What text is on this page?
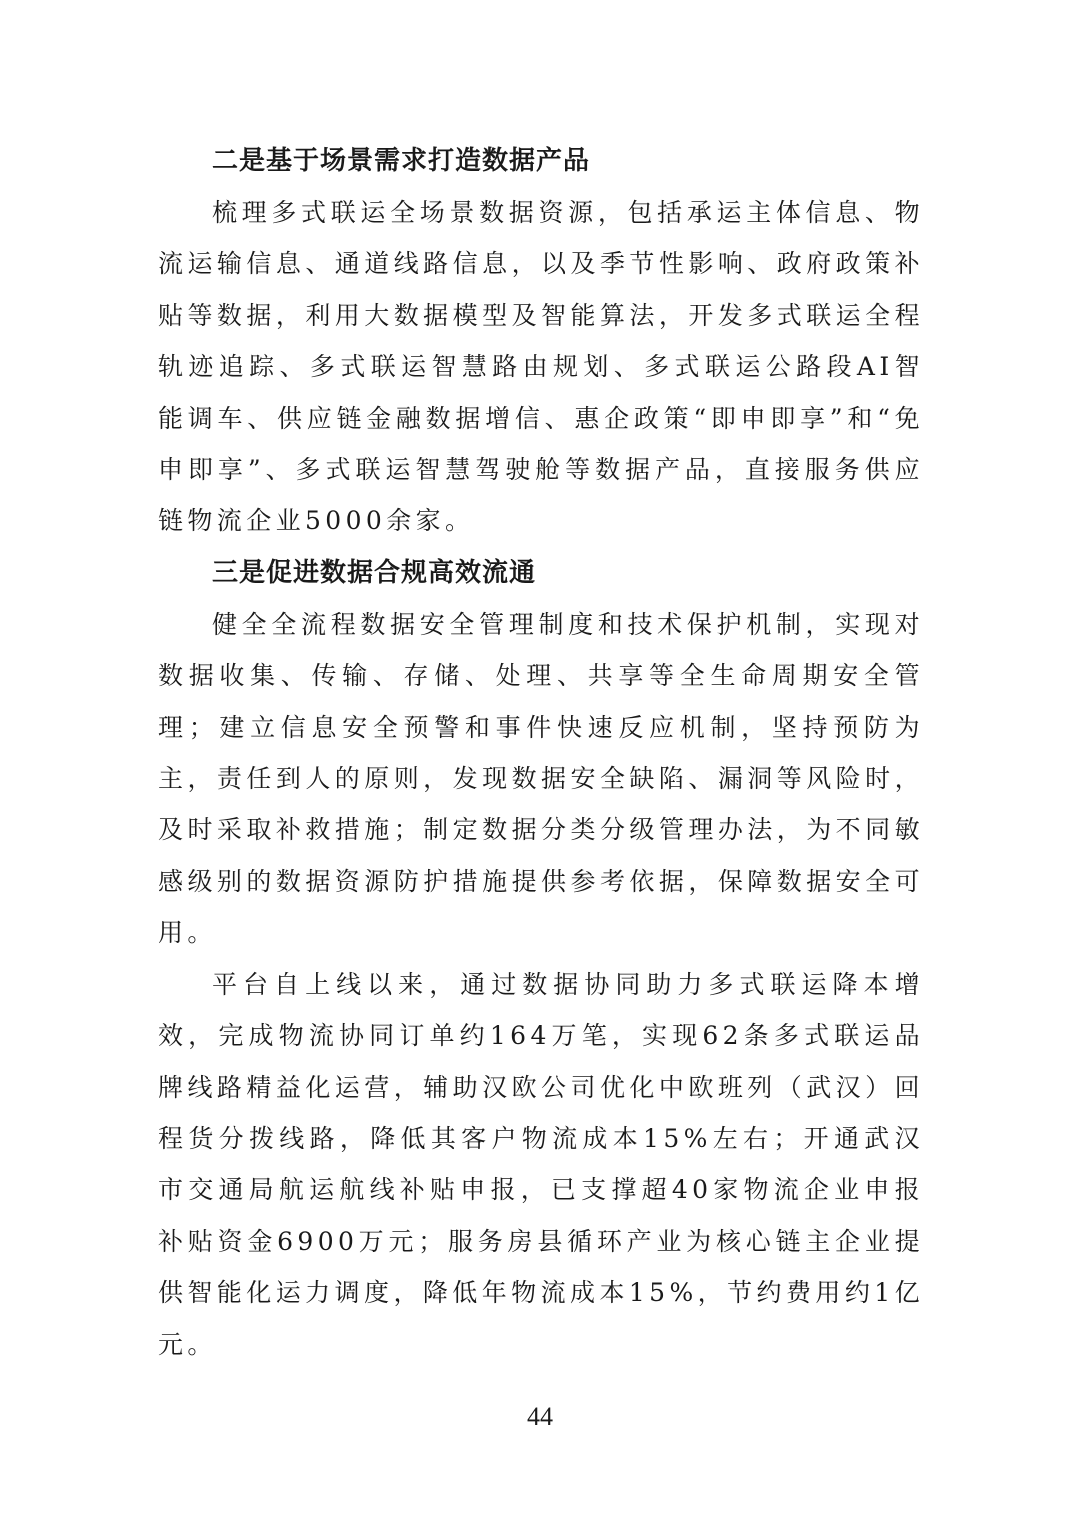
二是基于场景需求打造数据产品

梳理多式联运全场景数据资源，包括承运主体信息、物流运输信息、通道线路信息，以及季节性影响、政府政策补贴等数据，利用大数据模型及智能算法，开发多式联运全程轨迹追踪、多式联运智慧路由规划、多式联运公路段AI智能调车、供应链金融数据增信、惠企政策“即申即享”和“免申即享”、多式联运智慧驾驶舱等数据产品，直接服务供应链物流企业5000余家。

三是促进数据合规高效流通

健全全流程数据安全管理制度和技术保护机制，实现对数据收集、传输、存储、处理、共享等全生命周期安全管理；建立信息安全预警和事件快速反应机制，坚持预防为主，责任到人的原则，发现数据安全缺陷、漏洞等风险时，及时采取补救措施；制定数据分类分级管理办法，为不同敏感级别的数据资源防护措施提供参考依据，保障数据安全可用。

平台自上线以来，通过数据协同助力多式联运降本增效，完成物流协同订单约164万笔，实现62条多式联运品牌线路精益化运营，辅助汉欧公司优化中欧班列（武汉）回程货分拨线路，降低其客户物流成本15%左右；开通武汉市交通局航运航线补贴申报，已支撑超40家物流企业申报补贴资金6900万元；服务房县循环产业为核心链主企业提供智能化运力调度，降低年物流成本15%，节约费用约1亿元。

44
